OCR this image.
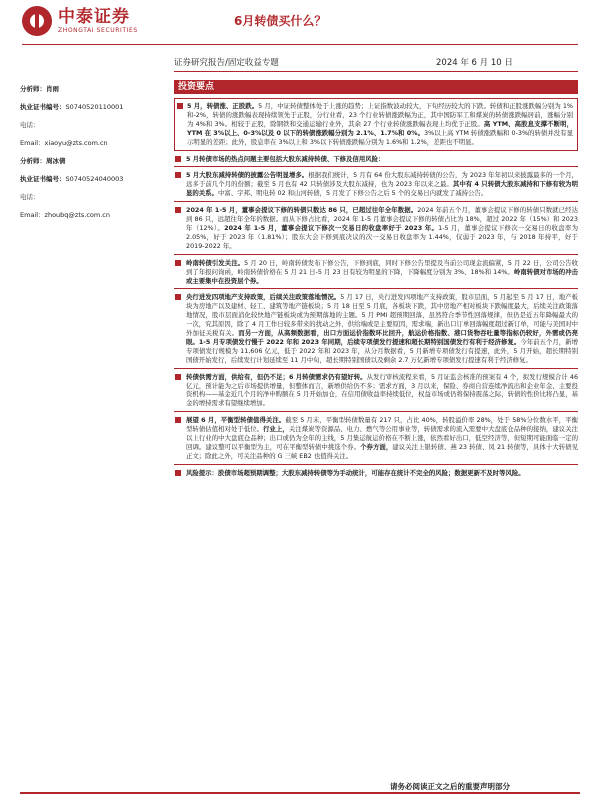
中泰证券
ZHONGTAI SECURITIES
6月转债买什么？
证券研究报告/固定收益专题	2024 年 6 月 10 日
分析师：肖雨
执业证书编号：S0740520110001
电话：
Email：xiaoyu@zts.com.cn
分析师：周冰倩
执业证书编号：S0740524040003
电话：
Email：zhoubq@zts.com.cn
投资要点
5 月，转债涨、正股跌。5 月，中证转债整体处于上涨的趋势；上证指数波动较大，下旬经历较大的下跌。转债和正股涨跌幅分别为 1%和-2%，转债的涨跌幅表现持续领先于正股，分行业看，23 个行业转债涨跌幅为正，其中国防军工和煤炭的转债涨跌幅居前，涨幅分别为 4%和 3%。相较于正股，除钢铁和交通运输行业外，其余 27 个行业转债涨跌幅表现上均优于正股。高 YTM、高股息支撑不断明，YTM 在 3%以上、0-3%以及 0 以下的转债涨跌幅分别为 2.1%、1.7%和 0%。3%以上高 YTM 转债涨跌幅和 0-3%的转债并没有显示明显的差距；此外，股息率在 3%以上和 3%以下转债涨跌幅分别为 1.6%和 1.2%，差距也不明显。
5 月转债市场的热点问题主要包括大股东减持转债、下修及信用风险：
5 月大股东减持转债的披露公告明显增多。根据我们统计，5 月有 64 份大股东减持转债的公告，为 2023 年年初以来披露最多的一个月，远多于前几个月的份额；截至 5 月也有 42 只转债涉及大股东减持，也为 2023 年以来之最。其中有 4 只转债大股东减持和下修有较为明显的关系。中富、宇邦、明电转 02 和山河转债，5 月发了下修公告之后 5 个的交易日内就发了减持公告。
2024 年 1-5 月，董事会提议下修的转债只数达 86 只，已超过往年全年数据。2024 年前五个月，董事会提议下修的转债只数就已经达到 86 只，远超往年全年的数据。而从下修占比看，2024 年 1-5 月董事会提议下修的转债占比为 18%，超过 2022 年（15%）和 2023 年（12%）。2024 年 1-5 月，董事会提议下修次一交易日的收盘率好于 2023 年。1-5 月，董事会提议下修次一交易日的收盘率为 2.05%，好于 2023 年（1.81%）；股东大会下修到底决议的次一交易日收盘率为 1.44%，仅弱于 2023 年，与 2018 年持平，好于 2019-2022 年。
岭南转债引发关注。5 月 20 日，岭南转债发布下修公告，下修到底，同时下修公告里提及当前公司现金流偏紧，5 月 22 日，公司公告收到了年报问询函，岭南转债价格在 5 月 21 日-5 月 23 日有较为明显的下降，下降幅度分别为 3%、18%和 14%。岭南转债对市场的冲击或主要集中在投资层个券。
央行进发四项地产支持政策，后续关注政策落地情况。5 月 17 日，央行进发四项地产支持政策，股市层面，5 月起至 5 月 17 日，地产板块为房地产以及建材、轻工、建筑等地产链板块；5 月 18 日至 5 月底，各板块下跌，其中房地产相对板块下跌幅度最大，后续关注政策落地情况，股市层面消化较快地产链板块或为预期落地的主题。5 月 PMI 超预期回落，虽然符合季节性回落规律，但仍是近五年降幅最大的一次，究其原因，除了 4 月工作日较多带来的扰动之外，供给端或是主要原因，需求端，新出口订单回落幅度超过新订单，可能与美国对中外加征关税有关。而另一方面，从高频数据看，出口方面运价指数环比回升，航运价格指数、港口货物吞吐量等指标仍较好，外需或仍亮眼。1-5 月专项债发行慢于 2022 年和 2023 年同期，后续专项债发行提速和超长期特别国债发行有利于经济修复。今年前五个月，新增专项债发行规模为 11,606 亿元，低于 2022 年和 2023 年，从分月数据看，5 月新增专项债发行有提速，此外，5 月开始，超长期特别国债开始发行，后续发行计划延续至 11 月中旬，超长期特别国债以及剩余 2.7 万亿新增专项债发行提速有利于经济修复。
转债供需方面，供给有，但仍不足；6 月转债需求仍有望好转。从发行审核流程来看，5 月证监会核准的预案有 4 个，拟发行规模合计 46 亿元，预计能为之后市场提供增量，但整体而言，新增供给仍不多；需求方面，3 月以来，保险、券商自营连续净流出和企业年金、主要投资机构——基金近几个月的净申购额在 5 月开始加仓，在信用债收益率持续低位，权益市场或仍将保持震荡之际，转债的性价比将凸显，基金的增持需求有望继续增加。
展望 6 月，平衡型转债值得关注。截至 5 月末，平衡型转债数量有 217 只，占比 40%，转股溢价率 28%，处于 58%分位数水平，平衡型转债估值相对处于低位。行业上，关注煤炭等资源品、电力、燃气等公用事业等，转债需求的流入需要中大盘底仓品种的接纳，建议关注以上行业的中大盘底仓品种；出口或仍为全年的主线，5 月集运航运价格在不断上涨，依然看好出口，低空经济等，但短期可能面临一定的回调。建议整可以平衡型为主，可在平衡型转债中挑选个券。个券方面，建议关注上银转债、燕 23 转债、凤 21 转债等，具体十大转债见正文；除此之外，可关注品种的 G 三峡 EB2 也值得关注。
风险提示：股债市场超预期调整；大股东减持转债等为手动统计，可能存在统计不完全的风险；数据更新不及时等风险。
请务必阅读正文之后的重要声明部分
